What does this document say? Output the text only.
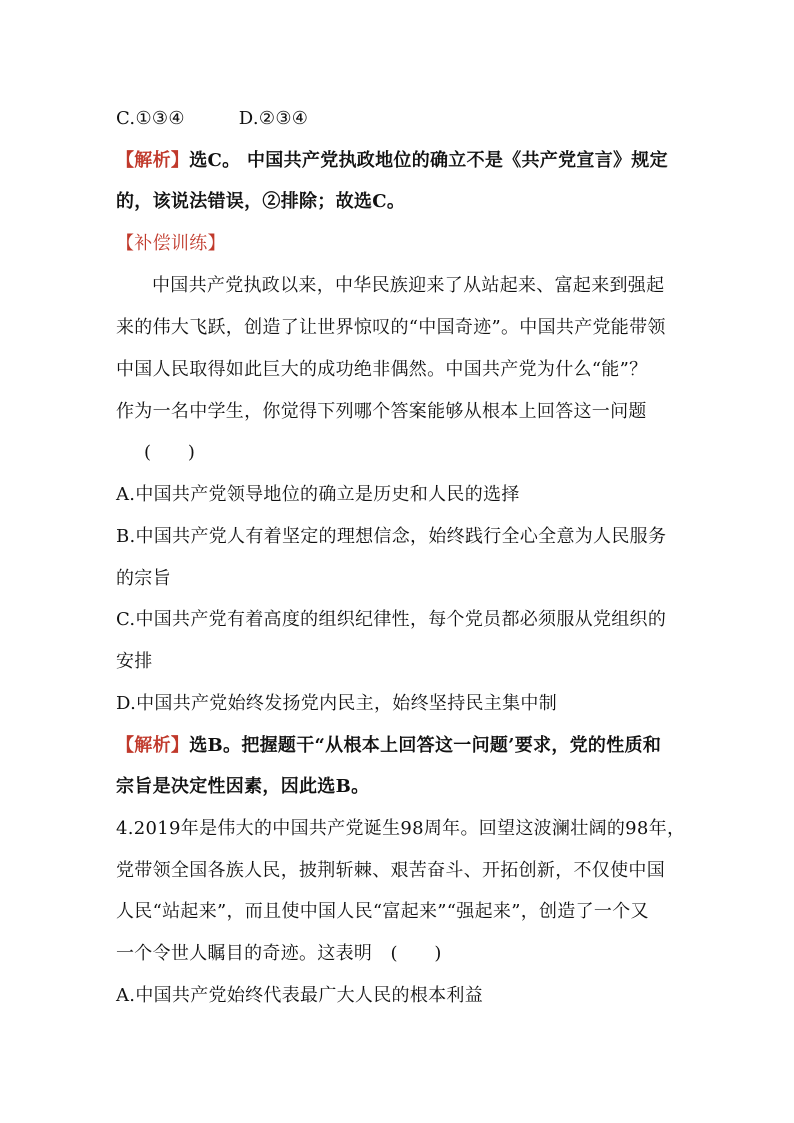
C.①③④	D.②③④
【解析】选C。 中国共产党执政地位的确立不是《共产党宣言》规定
的，该说法错误，②排除；故选C。
【补偿训练】
中国共产党执政以来，中华民族迎来了从站起来、富起来到强起
来的伟大飞跃，创造了让世界惊叹的“中国奇迹”。中国共产党能带领
中国人民取得如此巨大的成功绝非偶然。中国共产党为什么“能”？
作为一名中学生，你觉得下列哪个答案能够从根本上回答这一问题
(　　)
A.中国共产党领导地位的确立是历史和人民的选择
B.中国共产党人有着坚定的理想信念，始终践行全心全意为人民服务
的宗旨
C.中国共产党有着高度的组织纪律性，每个党员都必须服从党组织的
安排
D.中国共产党始终发扬党内民主，始终坚持民主集中制
【解析】选B。把握题干“从根本上回答这一问题’要求，党的性质和
宗旨是决定性因素，因此选B。
4.2019年是伟大的中国共产党诞生98周年。回望这波澜壮阔的98年，
党带领全国各族人民，披荆斩棘、艰苦奋斗、开拓创新，不仅使中国
人民“站起来”，而且使中国人民“富起来”“强起来”，创造了一个又
一个令世人瞩目的奇迹。这表明　(　　)
A.中国共产党始终代表最广大人民的根本利益
